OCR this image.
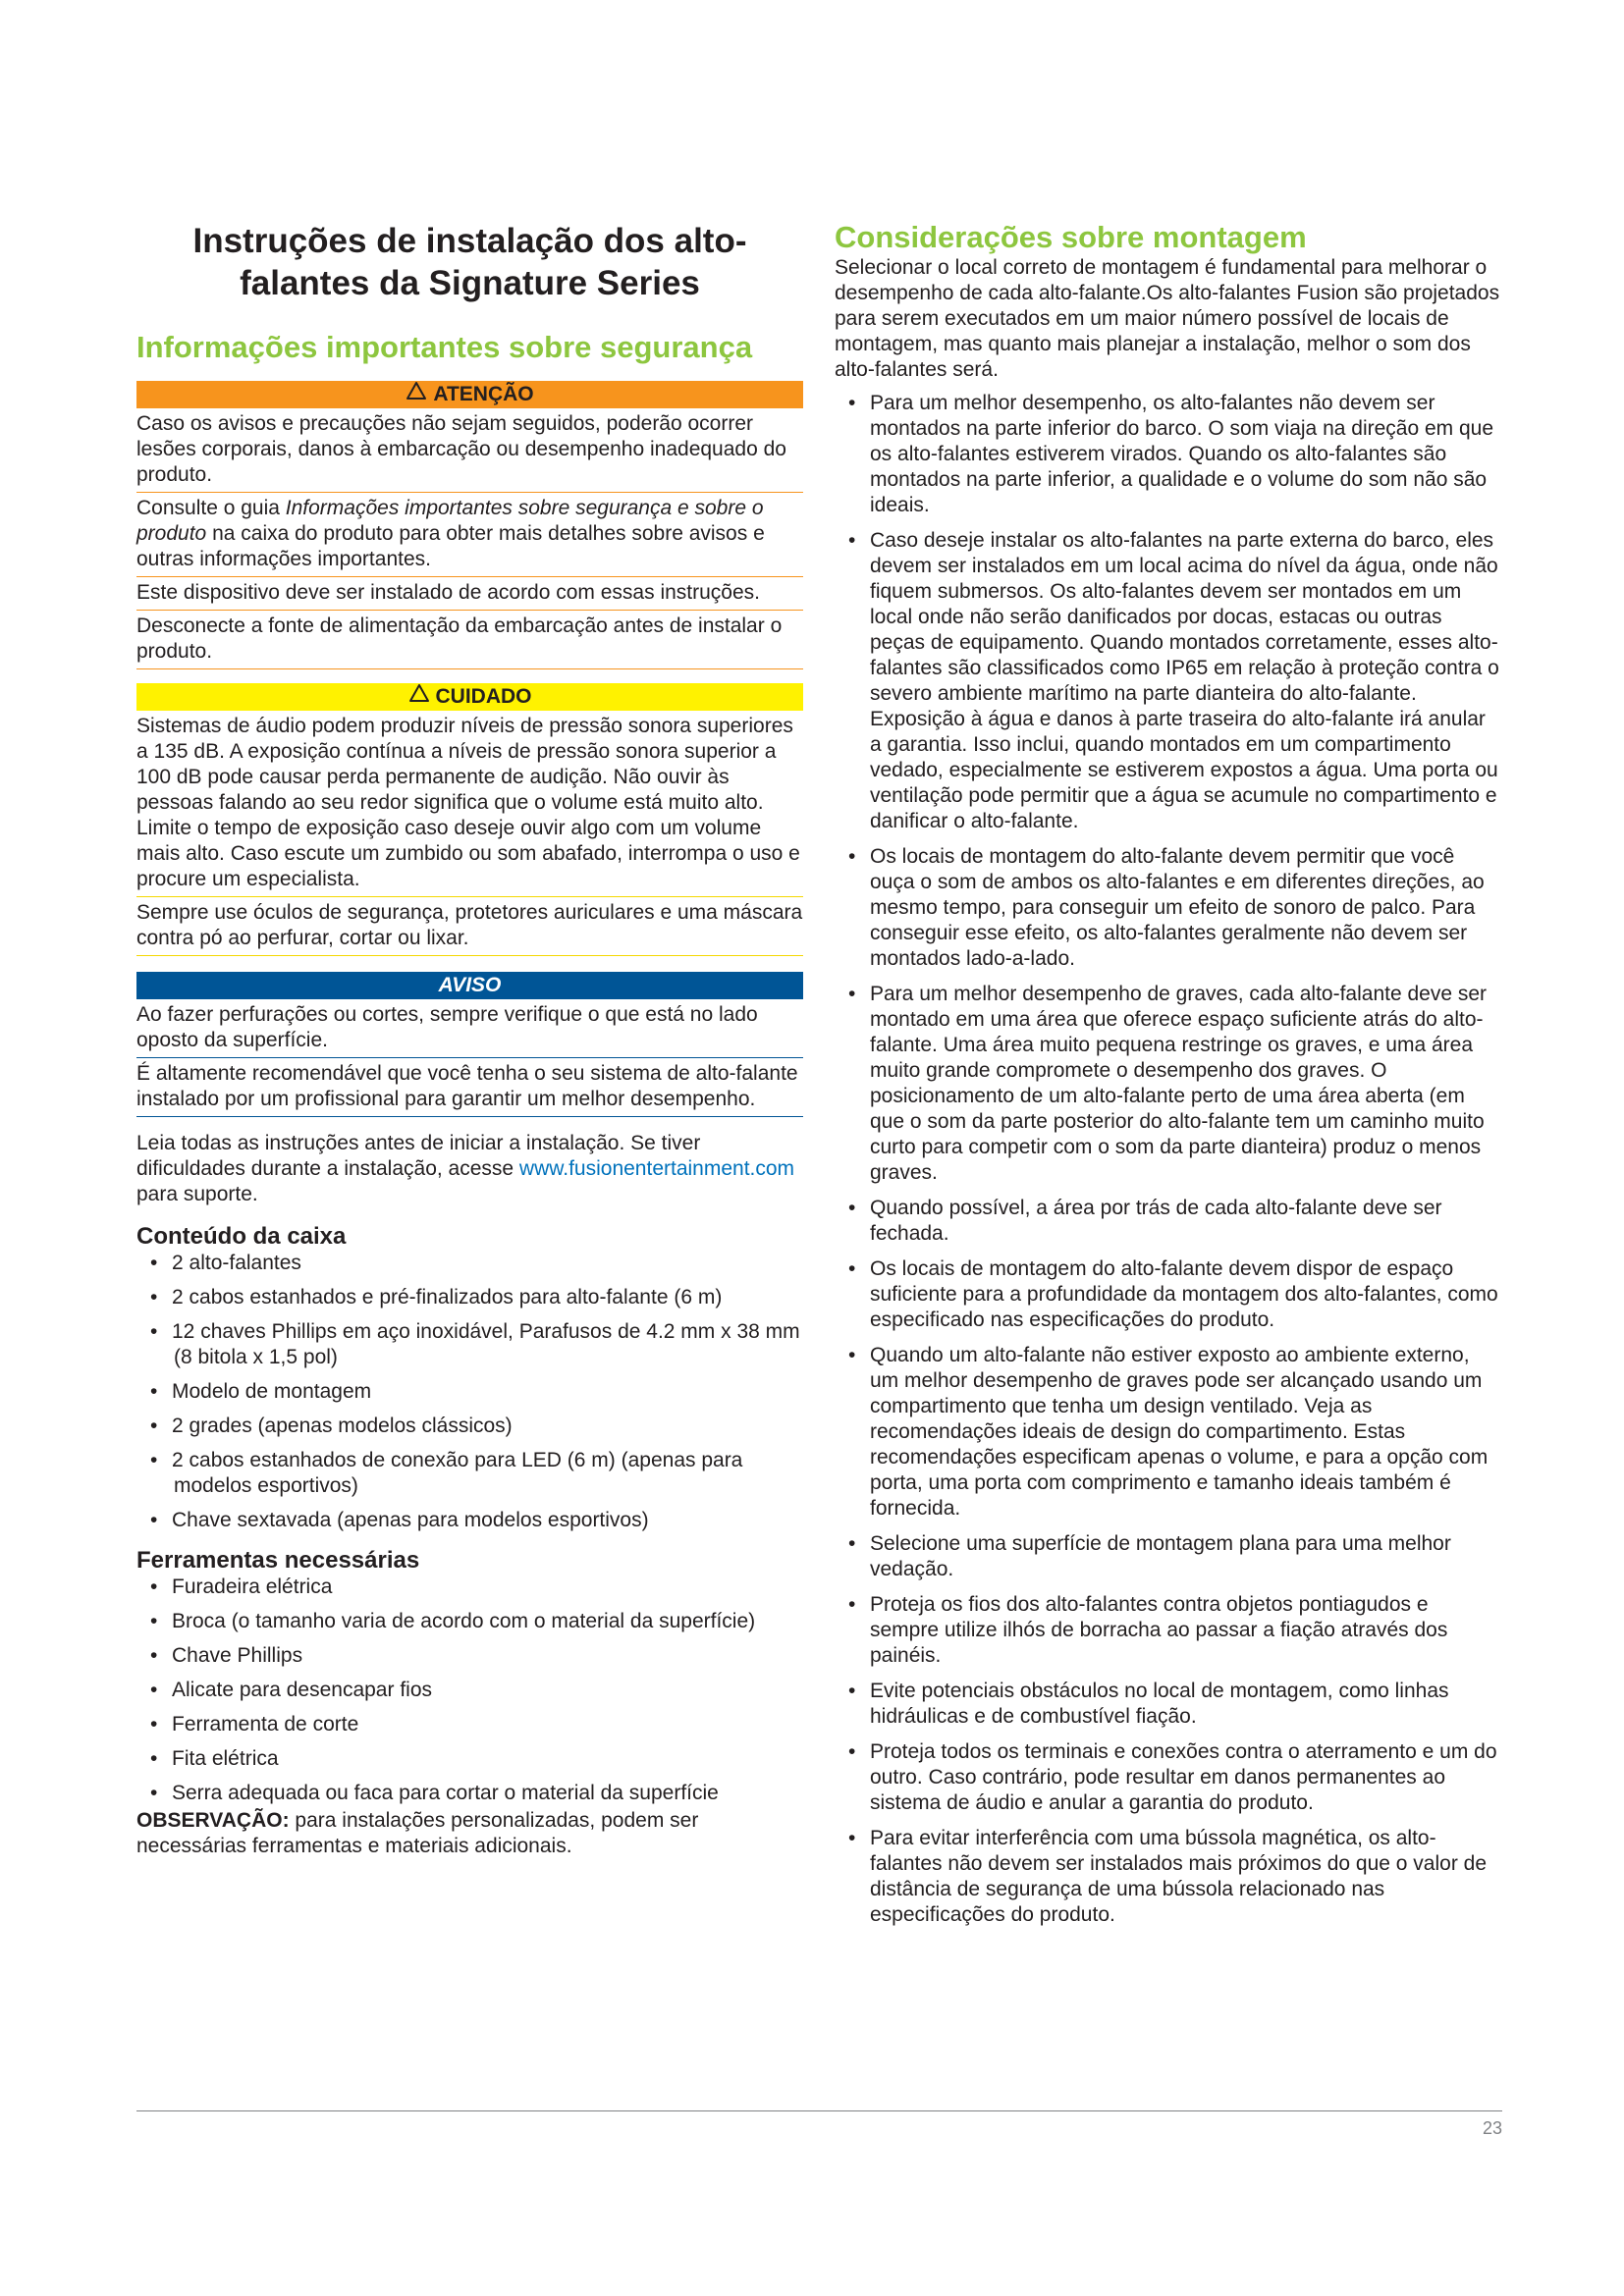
Instruções de instalação dos alto-
falantes da Signature Series
Informações importantes sobre segurança
ATENÇÃO

Caso os avisos e precauções não sejam seguidos, poderão ocorrer lesões corporais, danos à embarcação ou desempenho inadequado do produto.

Consulte o guia Informações importantes sobre segurança e sobre o produto na caixa do produto para obter mais detalhes sobre avisos e outras informações importantes.

Este dispositivo deve ser instalado de acordo com essas instruções.

Desconecte a fonte de alimentação da embarcação antes de instalar o produto.

CUIDADO

Sistemas de áudio podem produzir níveis de pressão sonora superiores a 135 dB. A exposição contínua a níveis de pressão sonora superior a 100 dB pode causar perda permanente de audição. Não ouvir às pessoas falando ao seu redor significa que o volume está muito alto. Limite o tempo de exposição caso deseje ouvir algo com um volume mais alto. Caso escute um zumbido ou som abafado, interrompa o uso e procure um especialista.

Sempre use óculos de segurança, protetores auriculares e uma máscara contra pó ao perfurar, cortar ou lixar.

AVISO

Ao fazer perfurações ou cortes, sempre verifique o que está no lado oposto da superfície.

É altamente recomendável que você tenha o seu sistema de alto-falante instalado por um profissional para garantir um melhor desempenho.

Leia todas as instruções antes de iniciar a instalação. Se tiver dificuldades durante a instalação, acesse www.fusionentertainment.com para suporte.

Conteúdo da caixa
• 2 alto-falantes
• 2 cabos estanhados e pré-finalizados para alto-falante (6 m)
• 12 chaves Phillips em aço inoxidável, Parafusos de 4.2 mm x 38 mm (8 bitola x 1,5 pol)
• Modelo de montagem
• 2 grades (apenas modelos clássicos)
• 2 cabos estanhados de conexão para LED (6 m) (apenas para modelos esportivos)
• Chave sextavada (apenas para modelos esportivos)
Ferramentas necessárias
• Furadeira elétrica
• Broca (o tamanho varia de acordo com o material da superfície)
• Chave Phillips
• Alicate para desencapar fios
• Ferramenta de corte
• Fita elétrica
• Serra adequada ou faca para cortar o material da superfície

OBSERVAÇÃO: para instalações personalizadas, podem ser necessárias ferramentas e materiais adicionais.

Considerações sobre montagem

Selecionar o local correto de montagem é fundamental para melhorar o desempenho de cada alto-falante.Os alto-falantes Fusion são projetados para serem executados em um maior número possível de locais de montagem, mas quanto mais planejar a instalação, melhor o som dos alto-falantes será.

• Para um melhor desempenho, os alto-falantes não devem ser montados na parte inferior do barco. O som viaja na direção em que os alto-falantes estiverem virados. Quando os alto-falantes são montados na parte inferior, a qualidade e o volume do som não são ideais.
• Caso deseje instalar os alto-falantes na parte externa do barco, eles devem ser instalados em um local acima do nível da água, onde não fiquem submersos. Os alto-falantes devem ser montados em um local onde não serão danificados por docas, estacas ou outras peças de equipamento. Quando montados corretamente, esses alto-falantes são classificados como IP65 em relação à proteção contra o severo ambiente marítimo na parte dianteira do alto-falante. Exposição à água e danos à parte traseira do alto-falante irá anular a garantia. Isso inclui, quando montados em um compartimento vedado, especialmente se estiverem expostos a água. Uma porta ou ventilação pode permitir que a água se acumule no compartimento e danificar o alto-falante.
• Os locais de montagem do alto-falante devem permitir que você ouça o som de ambos os alto-falantes e em diferentes direções, ao mesmo tempo, para conseguir um efeito de sonoro de palco. Para conseguir esse efeito, os alto-falantes geralmente não devem ser montados lado-a-lado.
• Para um melhor desempenho de graves, cada alto-falante deve ser montado em uma área que oferece espaço suficiente atrás do alto-falante. Uma área muito pequena restringe os graves, e uma área muito grande compromete o desempenho dos graves. O posicionamento de um alto-falante perto de uma área aberta (em que o som da parte posterior do alto-falante tem um caminho muito curto para competir com o som da parte dianteira) produz o menos graves.
• Quando possível, a área por trás de cada alto-falante deve ser fechada.
• Os locais de montagem do alto-falante devem dispor de espaço suficiente para a profundidade da montagem dos alto-falantes, como especificado nas especificações do produto.
• Quando um alto-falante não estiver exposto ao ambiente externo, um melhor desempenho de graves pode ser alcançado usando um compartimento que tenha um design ventilado. Veja as recomendações ideais de design do compartimento. Estas recomendações especificam apenas o volume, e para a opção com porta, uma porta com comprimento e tamanho ideais também é fornecida.
• Selecione uma superfície de montagem plana para uma melhor vedação.
• Proteja os fios dos alto-falantes contra objetos pontiagudos e sempre utilize ilhós de borracha ao passar a fiação através dos painéis.
• Evite potenciais obstáculos no local de montagem, como linhas hidráulicas e de combustível fiação.
• Proteja todos os terminais e conexões contra o aterramento e um do outro. Caso contrário, pode resultar em danos permanentes ao sistema de áudio e anular a garantia do produto.
• Para evitar interferência com uma bússola magnética, os alto-falantes não devem ser instalados mais próximos do que o valor de distância de segurança de uma bússola relacionado nas especificações do produto.
23
